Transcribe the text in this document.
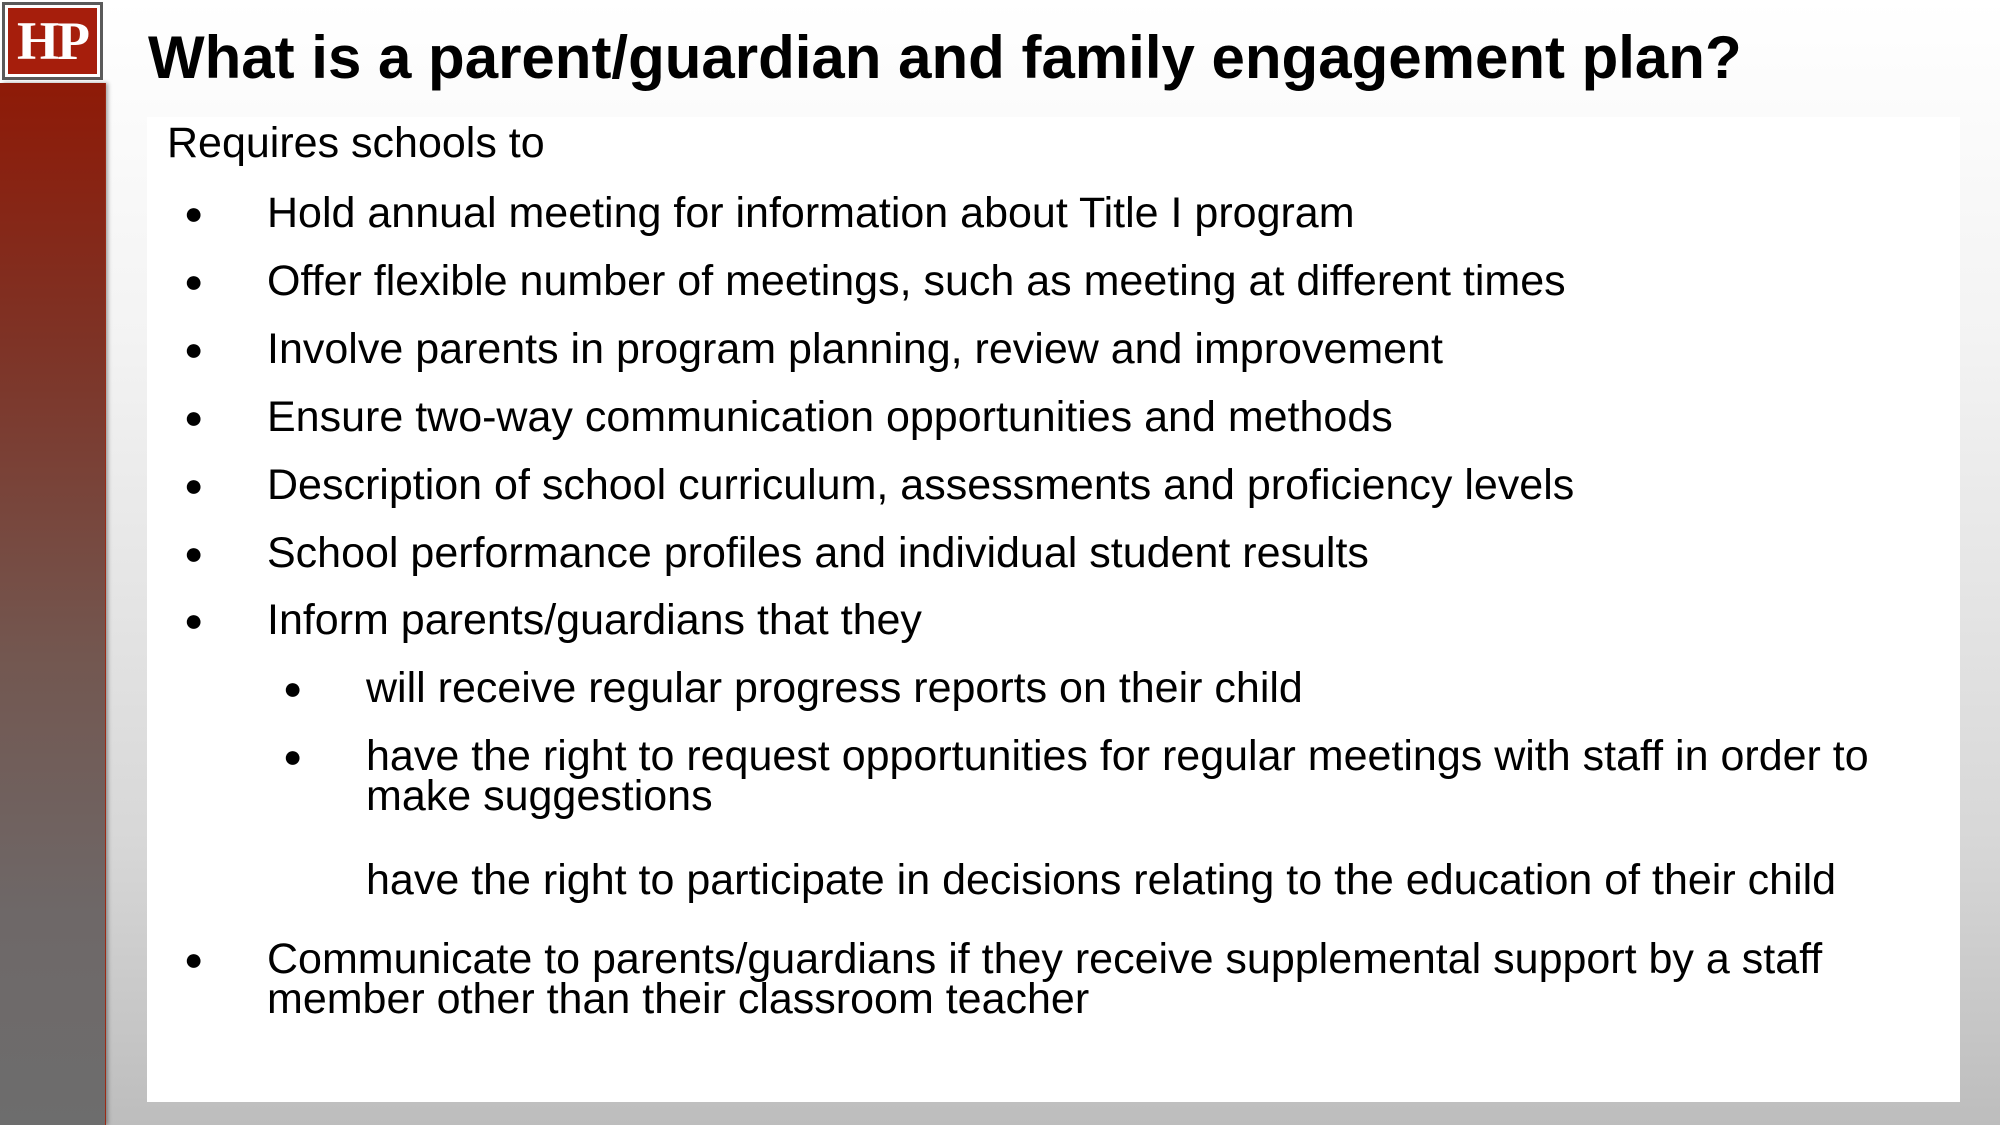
HP What is a parent/guardian and family engagement plan?
Requires schools to
● Hold annual meeting for information about Title I program
● Offer flexible number of meetings, such as meeting at different times
● Involve parents in program planning, review and improvement
● Ensure two-way communication opportunities and methods
● Description of school curriculum, assessments and proficiency levels
● School performance profiles and individual student results
● Inform parents/guardians that they
● will receive regular progress reports on their child
● have the right to request opportunities for regular meetings with staff in order to make suggestions
have the right to participate in decisions relating to the education of their child
● Communicate to parents/guardians if they receive supplemental support by a staff member other than their classroom teacher
